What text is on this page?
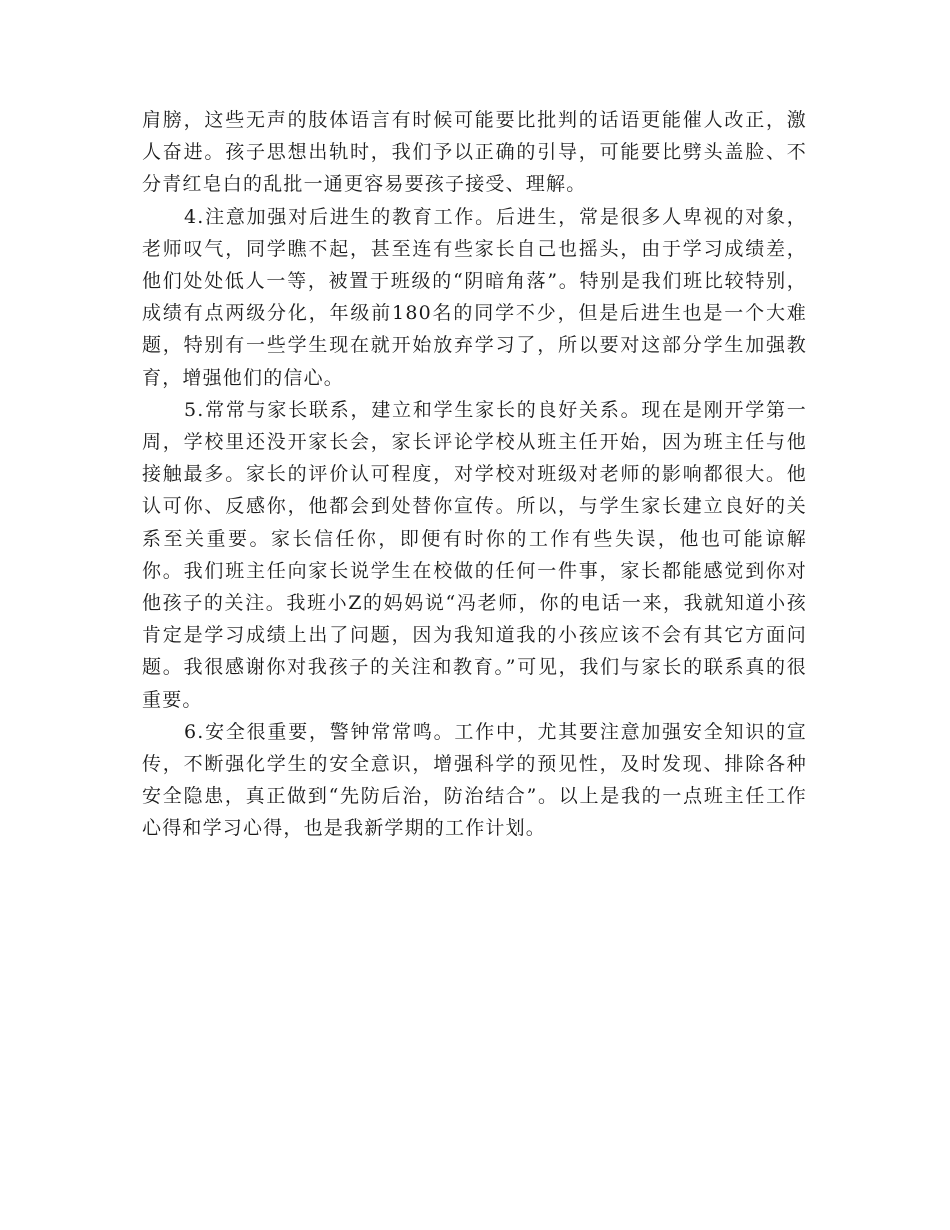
肩膀，这些无声的肢体语言有时候可能要比批判的话语更能催人改正，激人奋进。孩子思想出轨时，我们予以正确的引导，可能要比劈头盖脸、不分青红皂白的乱批一通更容易要孩子接受、理解。

4.注意加强对后进生的教育工作。后进生，常是很多人卑视的对象，老师叹气，同学瞧不起，甚至连有些家长自己也摇头，由于学习成绩差，他们处处低人一等，被置于班级的“阴暗角落”。特别是我们班比较特别，成绩有点两级分化，年级前180名的同学不少，但是后进生也是一个大难题，特别有一些学生现在就开始放弃学习了，所以要对这部分学生加强教育，增强他们的信心。

5.常常与家长联系，建立和学生家长的良好关系。现在是刚开学第一周，学校里还没开家长会，家长评论学校从班主任开始，因为班主任与他接触最多。家长的评价认可程度，对学校对班级对老师的影响都很大。他认可你、反感你，他都会到处替你宣传。所以，与学生家长建立良好的关系至关重要。家长信任你，即便有时你的工作有些失误，他也可能谅解你。我们班主任向家长说学生在校做的任何一件事，家长都能感觉到你对他孩子的关注。我班小Z的妈妈说“冯老师，你的电话一来，我就知道小孩肯定是学习成绩上出了问题，因为我知道我的小孩应该不会有其它方面问题。我很感谢你对我孩子的关注和教育。”可见，我们与家长的联系真的很重要。

6.安全很重要，警钟常常鸣。工作中，尤其要注意加强安全知识的宣传，不断强化学生的安全意识，增强科学的预见性，及时发现、排除各种安全隐患，真正做到“先防后治，防治结合”。以上是我的一点班主任工作心得和学习心得，也是我新学期的工作计划。
